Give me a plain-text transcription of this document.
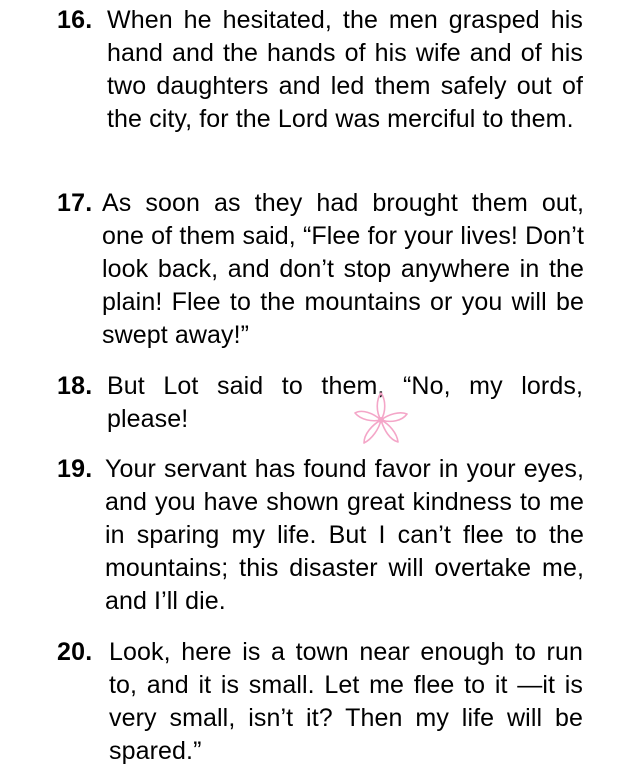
16. When he hesitated, the men grasped his hand and the hands of his wife and of his two daughters and led them safely out of the city, for the Lord was merciful to them.
17. As soon as they had brought them out, one of them said, “Flee for your lives! Don’t look back, and don’t stop anywhere in the plain! Flee to the mountains or you will be swept away!”
18. But Lot said to them, “No, my lords, please!
19. Your servant has found favor in your eyes, and you have shown great kindness to me in sparing my life. But I can’t flee to the mountains; this disaster will overtake me, and I’ll die.
20. Look, here is a town near enough to run to, and it is small. Let me flee to it —it is very small, isn’t it? Then my life will be spared.”
